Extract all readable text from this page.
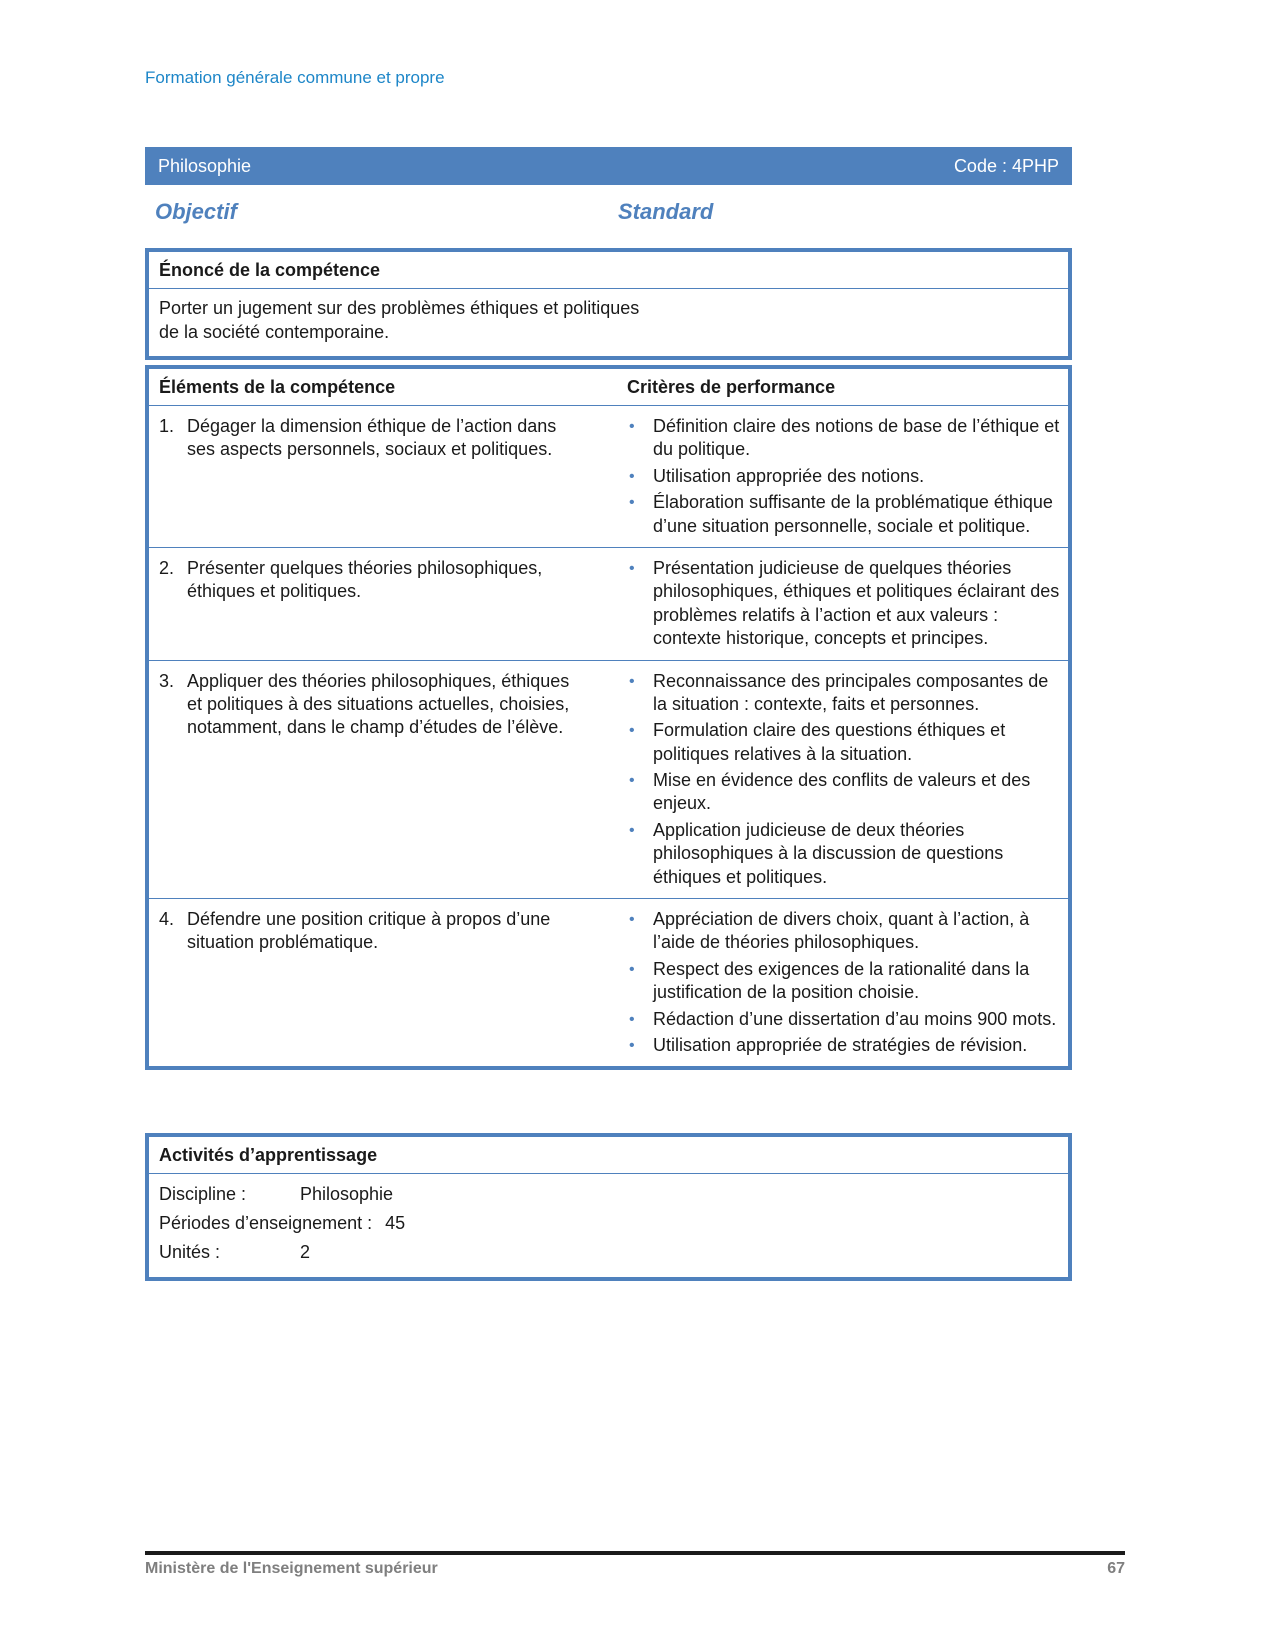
Formation générale commune et propre
Philosophie	Code : 4PHP
Objectif	Standard
Énoncé de la compétence
Porter un jugement sur des problèmes éthiques et politiques de la société contemporaine.
Éléments de la compétence	Critères de performance
1. Dégager la dimension éthique de l’action dans ses aspects personnels, sociaux et politiques.
•	Définition claire des notions de base de l’éthique et du politique.
•	Utilisation appropriée des notions.
•	Élaboration suffisante de la problématique éthique d’une situation personnelle, sociale et politique.
2. Présenter quelques théories philosophiques, éthiques et politiques.
•	Présentation judicieuse de quelques théories philosophiques, éthiques et politiques éclairant des problèmes relatifs à l’action et aux valeurs : contexte historique, concepts et principes.
3. Appliquer des théories philosophiques, éthiques et politiques à des situations actuelles, choisies, notamment, dans le champ d’études de l’élève.
•	Reconnaissance des principales composantes de la situation : contexte, faits et personnes.
•	Formulation claire des questions éthiques et politiques relatives à la situation.
•	Mise en évidence des conflits de valeurs et des enjeux.
•	Application judicieuse de deux théories philosophiques à la discussion de questions éthiques et politiques.
4. Défendre une position critique à propos d’une situation problématique.
•	Appréciation de divers choix, quant à l’action, à l’aide de théories philosophiques.
•	Respect des exigences de la rationalité dans la justification de la position choisie.
•	Rédaction d’une dissertation d’au moins 900 mots.
•	Utilisation appropriée de stratégies de révision.
Activités d’apprentissage
Discipline :	Philosophie
Périodes d’enseignement : 45
Unités :	2
Ministère de l'Enseignement supérieur	67
